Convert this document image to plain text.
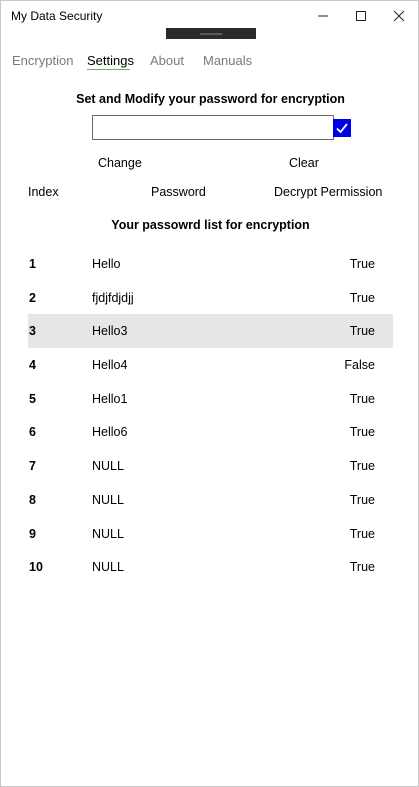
My Data Security
Encryption Settings About Manuals
Set and Modify your password for encryption
Change	Clear
Index	Password	Decrypt Permission
Your passowrd list for encryption
1	Hello	True
2	fjdjfdjdjj	True
3	Hello3	True
4	Hello4	False
5	Hello1	True
6	Hello6	True
7	NULL	True
8	NULL	True
9	NULL	True
10	NULL	True
